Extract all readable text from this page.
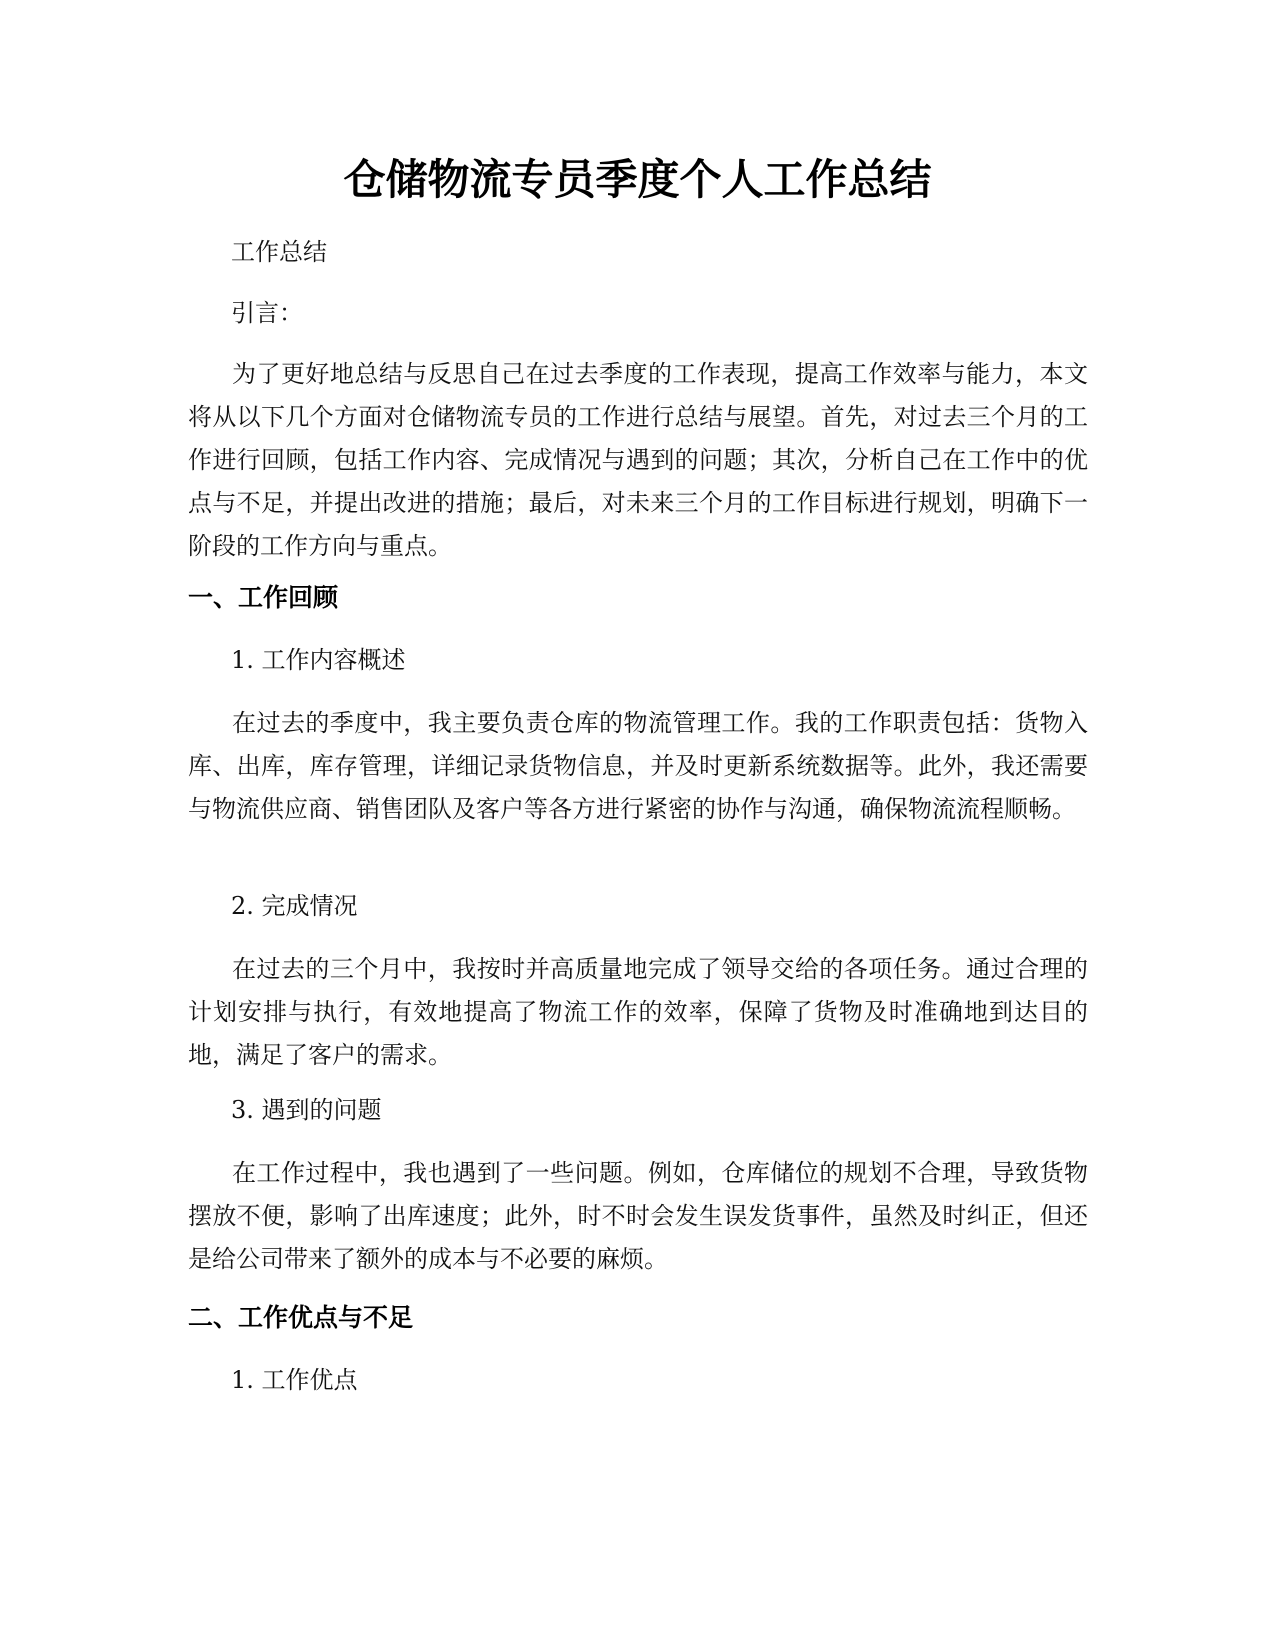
仓储物流专员季度个人工作总结

工作总结

引言：

为了更好地总结与反思自己在过去季度的工作表现，提高工作效率与能力，本文将从以下几个方面对仓储物流专员的工作进行总结与展望。首先，对过去三个月的工作进行回顾，包括工作内容、完成情况与遇到的问题；其次，分析自己在工作中的优点与不足，并提出改进的措施；最后，对未来三个月的工作目标进行规划，明确下一阶段的工作方向与重点。

一、工作回顾

1. 工作内容概述

在过去的季度中，我主要负责仓库的物流管理工作。我的工作职责包括：货物入库、出库，库存管理，详细记录货物信息，并及时更新系统数据等。此外，我还需要与物流供应商、销售团队及客户等各方进行紧密的协作与沟通，确保物流流程顺畅。

2. 完成情况

在过去的三个月中，我按时并高质量地完成了领导交给的各项任务。通过合理的计划安排与执行，有效地提高了物流工作的效率，保障了货物及时准确地到达目的地，满足了客户的需求。

3. 遇到的问题

在工作过程中，我也遇到了一些问题。例如，仓库储位的规划不合理，导致货物摆放不便，影响了出库速度；此外，时不时会发生误发货事件，虽然及时纠正，但还是给公司带来了额外的成本与不必要的麻烦。

二、工作优点与不足

1. 工作优点
